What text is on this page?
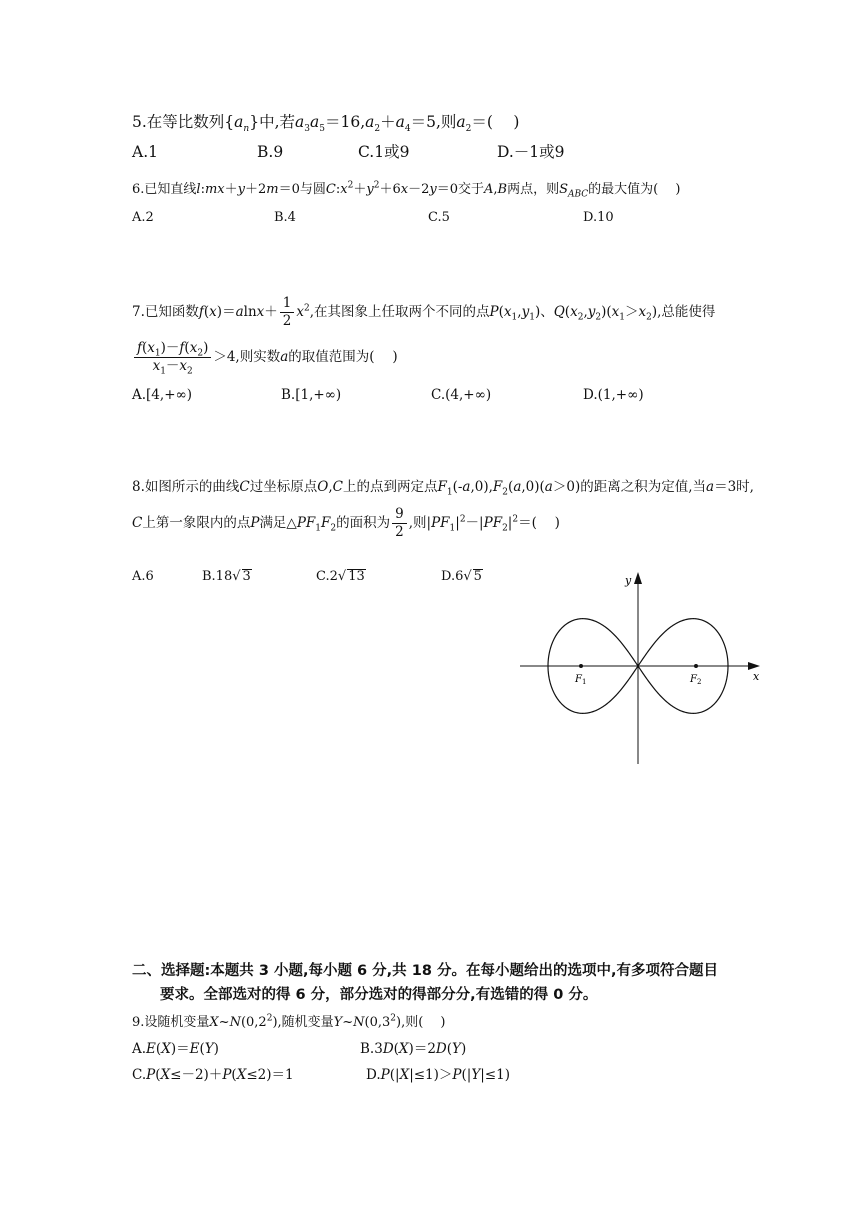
5.在等比数列$\{a_n\}$中,若$a_3a_5=16,a_2+a_4=5$,则$a_2=$(　 )
A.1	B.9	C.1或9	D.－1或9
6.已知直线l:mx＋y＋2m＝0与圆$C:x^2+y^2+6x-2y=0$交于A,B两点，则$S_{ABC}$的最大值为(　 )
A.2	B.4	C.5	D.10
7.已知函数$f(x)=alnx+ \frac{1}{2} x^2$,在其图象上任取两个不同的点$P(x_1,y_1)$、$Q(x_2,y_2)(x_1>x_2)$,总能使得
$\frac{f(x_1)-f(x_2)}{x_1-x_2} >4$,则实数a的取值范围为(　 )
A.[4,+∞)	B.[1,+∞)	C.(4,+∞)	D.(1,+∞)
8.如图所示的曲线C过坐标原点O,C上的点到两定点$F_1(-a,0),F_2(a,0)(a>0)$的距离之积为定值,当a＝3时,
C上第一象限内的点P满足$\triangle PF_1F_2$的面积为 $\frac{9}{2}$ ,则$|PF_1|^2-|PF_2|^2=$(　 )
A.6	B.18√ 3	C.2√ 13	D.6√ 5
$F_1$	$F_2$	x
y
二、选择题:本题共 3 小题,每小题 6 分,共 18 分。在每小题给出的选项中,有多项符合题目
要求。全部选对的得 6 分，部分选对的得部分分,有选错的得 0 分。
9.设随机变量$X\sim N(0,2^2)$,随机变量$Y\sim N(0,3^2)$,则(　 )
A.E(X)＝E(Y)	B.3D(X)＝2D(Y)
C.P(X≤－2)＋P(X≤2)＝1	D.P(|X|≤1)＞P(|Y|≤1)
